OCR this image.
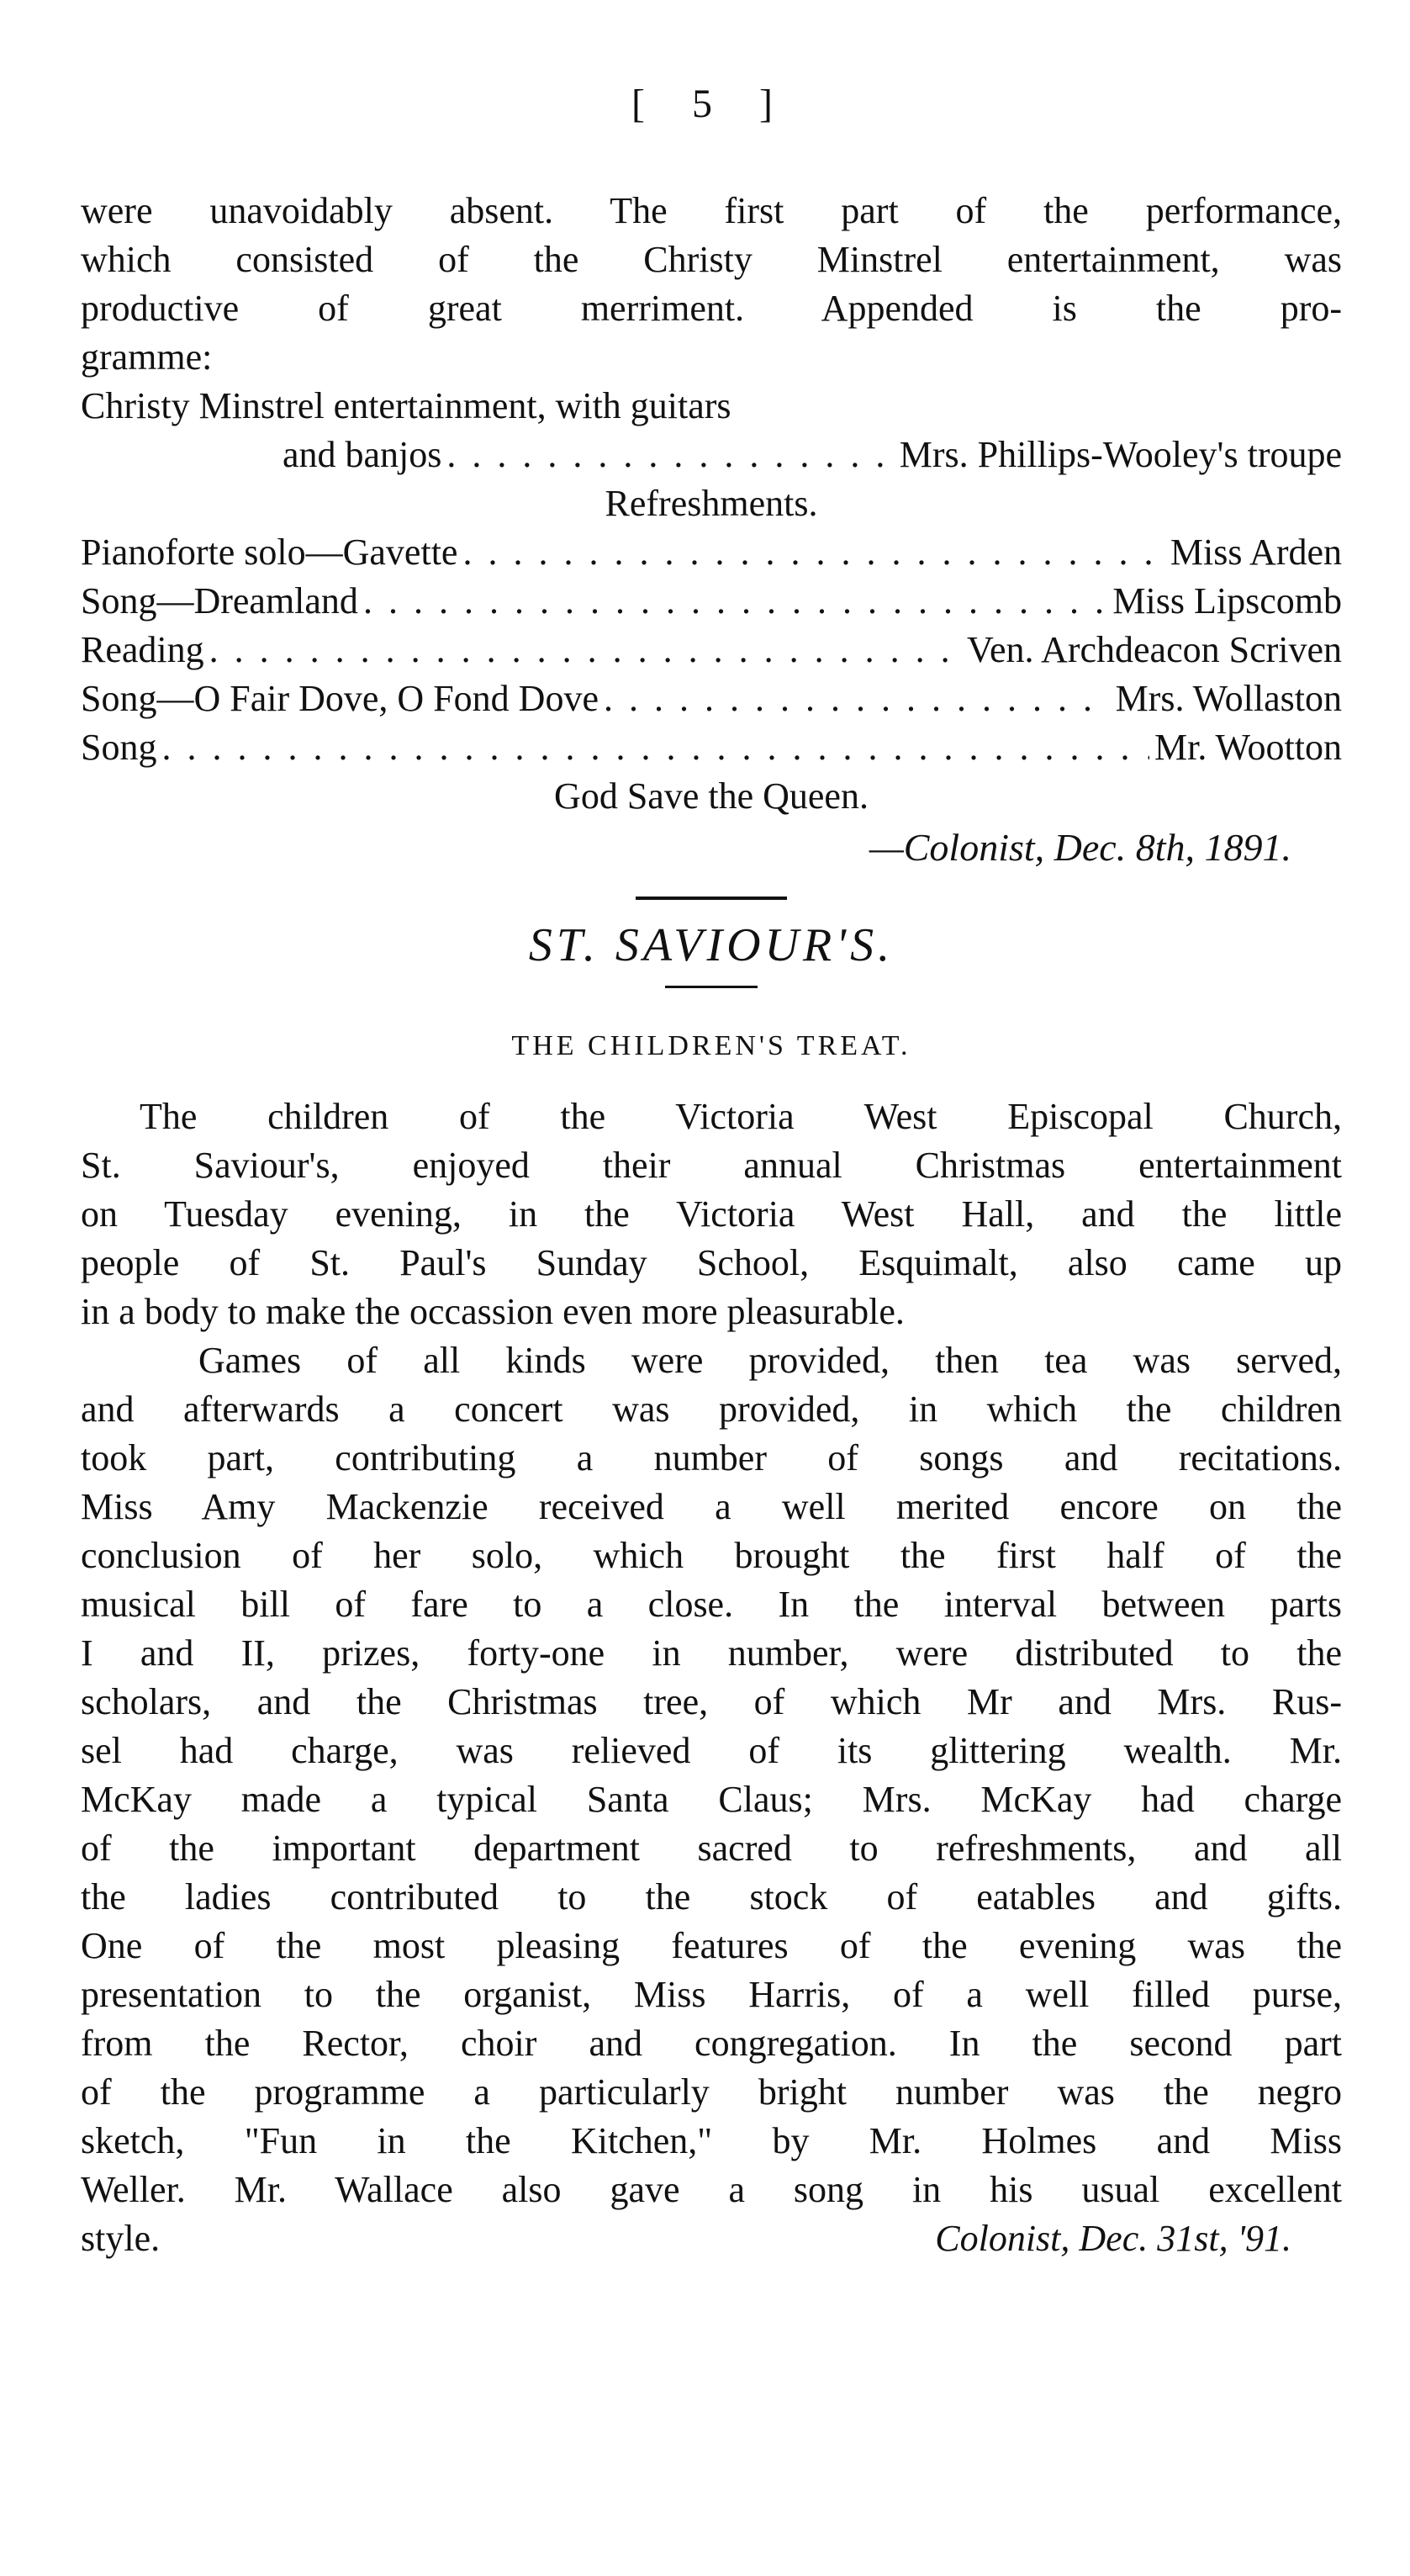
[ 5 ]
were unavoidably absent. The first part of the performance,
which consisted of the Christy Minstrel entertainment, was
productive of great merriment. Appended is the pro-
gramme:
Christy Minstrel entertainment, with guitars
and banjos . . .	Mrs. Phillips-Wooley's troupe
Refreshments.
Pianoforte solo—Gavette . . .	Miss Arden
Song—Dreamland . . .	Miss Lipscomb
Reading . . .	Ven. Archdeacon Scriven
Song—O Fair Dove, O Fond Dove . . .	Mrs. Wollaston
Song . . .	Mr. Wootton
God Save the Queen.
—Colonist, Dec. 8th, 1891.
ST. SAVIOUR'S.
THE CHILDREN'S TREAT.
The children of the Victoria West Episcopal Church,
St. Saviour's, enjoyed their annual Christmas entertainment
on Tuesday evening, in the Victoria West Hall, and the little
people of St. Paul's Sunday School, Esquimalt, also came up
in a body to make the occassion even more pleasurable.
Games of all kinds were provided, then tea was served,
and afterwards a concert was provided, in which the children
took part, contributing a number of songs and recitations.
Miss Amy Mackenzie received a well merited encore on the
conclusion of her solo, which brought the first half of the
musical bill of fare to a close. In the interval between parts
I and II, prizes, forty-one in number, were distributed to the
scholars, and the Christmas tree, of which Mr and Mrs. Rus-
sel had charge, was relieved of its glittering wealth. Mr.
McKay made a typical Santa Claus; Mrs. McKay had charge
of the important department sacred to refreshments, and all
the ladies contributed to the stock of eatables and gifts.
One of the most pleasing features of the evening was the
presentation to the organist, Miss Harris, of a well filled purse,
from the Rector, choir and congregation. In the second part
of the programme a particularly bright number was the negro
sketch, "Fun in the Kitchen," by Mr. Holmes and Miss
Weller. Mr. Wallace also gave a song in his usual excellent
style.	Colonist, Dec. 31st, '91.
